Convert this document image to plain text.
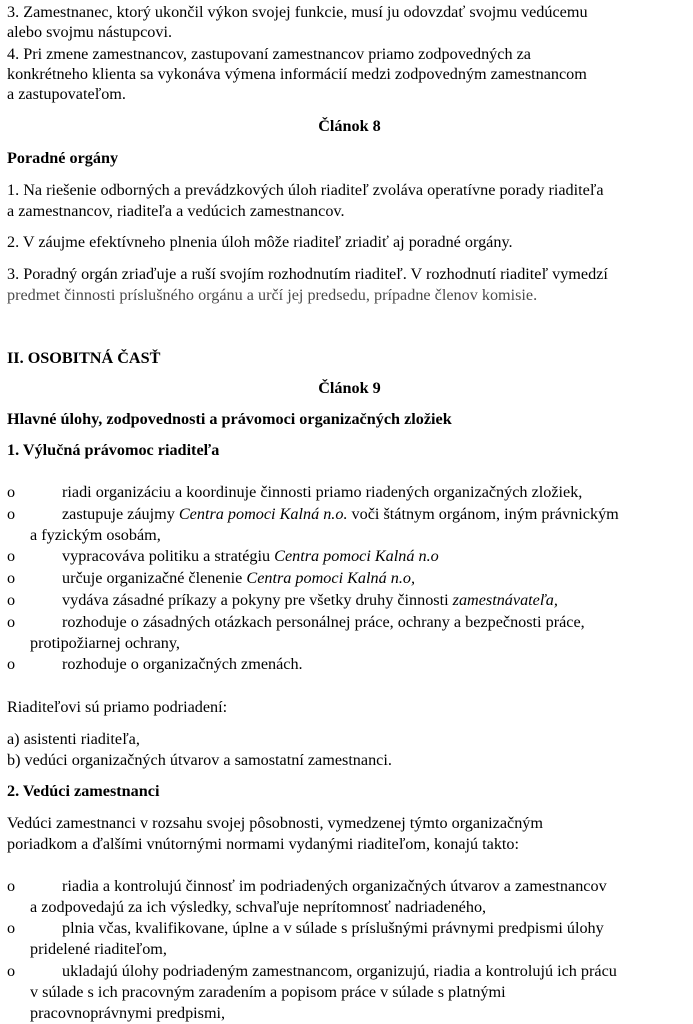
3. Zamestnanec, ktorý ukončil výkon svojej funkcie, musí ju odovzdať svojmu vedúcemu
alebo svojmu nástupcovi.
4. Pri zmene zamestnancov, zastupovaní zamestnancov priamo zodpovedných za
konkrétneho klienta sa vykonáva výmena informácií medzi zodpovedným zamestnancom
a zastupovateľom.
Článok 8
Poradné orgány
1. Na riešenie odborných a prevádzkových úloh riaditeľ zvoláva operatívne porady riaditeľa
a zamestnancov, riaditeľa a vedúcich zamestnancov.
2. V záujme efektívneho plnenia úloh môže riaditeľ zriadiť aj poradné orgány.
3. Poradný orgán zriaďuje a ruší svojím rozhodnutím riaditeľ. V rozhodnutí riaditeľ vymedzí
predmet činnosti príslušného orgánu a určí jej predsedu, prípadne členov komisie.
II. OSOBITNÁ ČASŤ
Článok 9
Hlavné úlohy, zodpovednosti a právomoci organizačných zložiek
1. Výlučná právomoc riaditeľa
o	riadi organizáciu a koordinuje činnosti priamo riadených organizačných zložiek,
o	zastupuje záujmy Centra pomoci Kalná n.o. voči štátnym orgánom, iným právnickým
a fyzickým osobám,
o	vypracováva politiku a stratégiu Centra pomoci Kalná n.o
o	určuje organizačné členenie Centra pomoci Kalná n.o,
o	vydáva zásadné príkazy a pokyny pre všetky druhy činnosti zamestnávateľa,
o	rozhoduje o zásadných otázkach personálnej práce, ochrany a bezpečnosti práce,
protipožiarnej ochrany,
o	rozhoduje o organizačných zmenách.
Riaditeľovi sú priamo podriadení:
a) asistenti riaditeľa,
b) vedúci organizačných útvarov a samostatní zamestnanci.
2. Vedúci zamestnanci
Vedúci zamestnanci v rozsahu svojej pôsobnosti, vymedzenej týmto organizačným
poriadkom a ďalšími vnútornými normami vydanými riaditeľom, konajú takto:
o	riadia a kontrolujú činnosť im podriadených organizačných útvarov a zamestnancov
a zodpovedajú za ich výsledky, schvaľuje neprítomnosť nadriadeného,
o	plnia včas, kvalifikovane, úplne a v súlade s príslušnými právnymi predpismi úlohy
pridelené riaditeľom,
o	ukladajú úlohy podriadeným zamestnancom, organizujú, riadia a kontrolujú ich prácu
v súlade s ich pracovným zaradením a popisom práce v súlade s platnými
pracovnoprávnymi predpismi,
